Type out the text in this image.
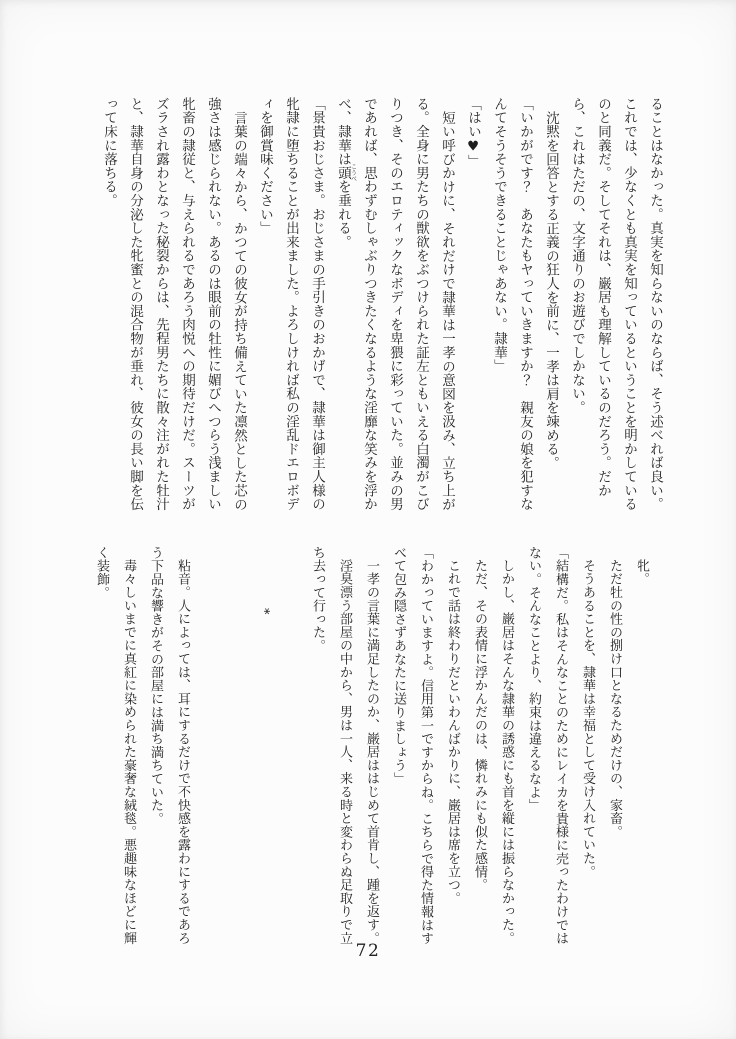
ることはなかった。真実を知らないのならば、そう述べれば良い。
これでは、少なくとも真実を知っているということを明かしている
のと同義だ。そしてそれは、巌居も理解しているのだろう。だか
ら、これはただの、文字通りのお遊びでしかない。
沈黙を回答とする正義の狂人を前に、一孝は肩を竦める。
「いかがです？　あなたもヤっていきますか？　親友の娘を犯すな
んてそうそうできることじゃあない。隷華」
「はい♥」
短い呼びかけに、それだけで隷華は一孝の意図を汲み、立ち上が
る。全身に男たちの獣欲をぶつけられた証左ともいえる白濁がこび
りつき、そのエロティックなボディを卑猥に彩っていた。並みの男
であれば、思わずむしゃぶりつきたくなるような淫靡な笑みを浮か
べ、隷華は頭こうべを垂れる。
「景貴おじさま。おじさまの手引きのおかげで、隷華は御主人様の
牝隷に堕ちることが出来ました。よろしければ私の淫乱ドエロボデ
ィを御賞味ください」
言葉の端々から、かつての彼女が持ち備えていた凛然とした芯の
強さは感じられない。あるのは眼前の牡性に媚びへつらう浅ましい
牝畜の隷従と、与えられるであろう肉悦への期待だけだ。スーツが
ズラされ露わとなった秘裂からは、先程男たちに散々注がれた牡汁
と、隷華自身の分泌した牝蜜との混合物が垂れ、彼女の長い脚を伝
って床に落ちる。
牝。
ただ牡の性の捌け口となるためだけの、家畜。
そうあることを、隷華は幸福として受け入れていた。
「結構だ。私はそんなことのためにレイカを貴様に売ったわけでは
ない。そんなことより、約束は違えるなよ」
しかし、巌居はそんな隷華の誘惑にも首を縦には振らなかった。
ただ、その表情に浮かんだのは、憐れみにも似た感情。
これで話は終わりだといわんばかりに、巌居は席を立つ。
「わかっていますよ。信用第一ですからね。こちらで得た情報はす
べて包み隠さずあなたに送りましょう」
一孝の言葉に満足したのか、巌居ははじめて首肯し、踵を返す。
淫臭漂う部屋の中から、男は一人、来る時と変わらぬ足取りで立
ち去って行った。
*
粘音。人によっては、耳にするだけで不快感を露わにするであろ
う下品な響きがその部屋には満ち満ちていた。
毒々しいまでに真紅に染められた豪奢な絨毯。悪趣味なほどに輝
く装飾。
72
